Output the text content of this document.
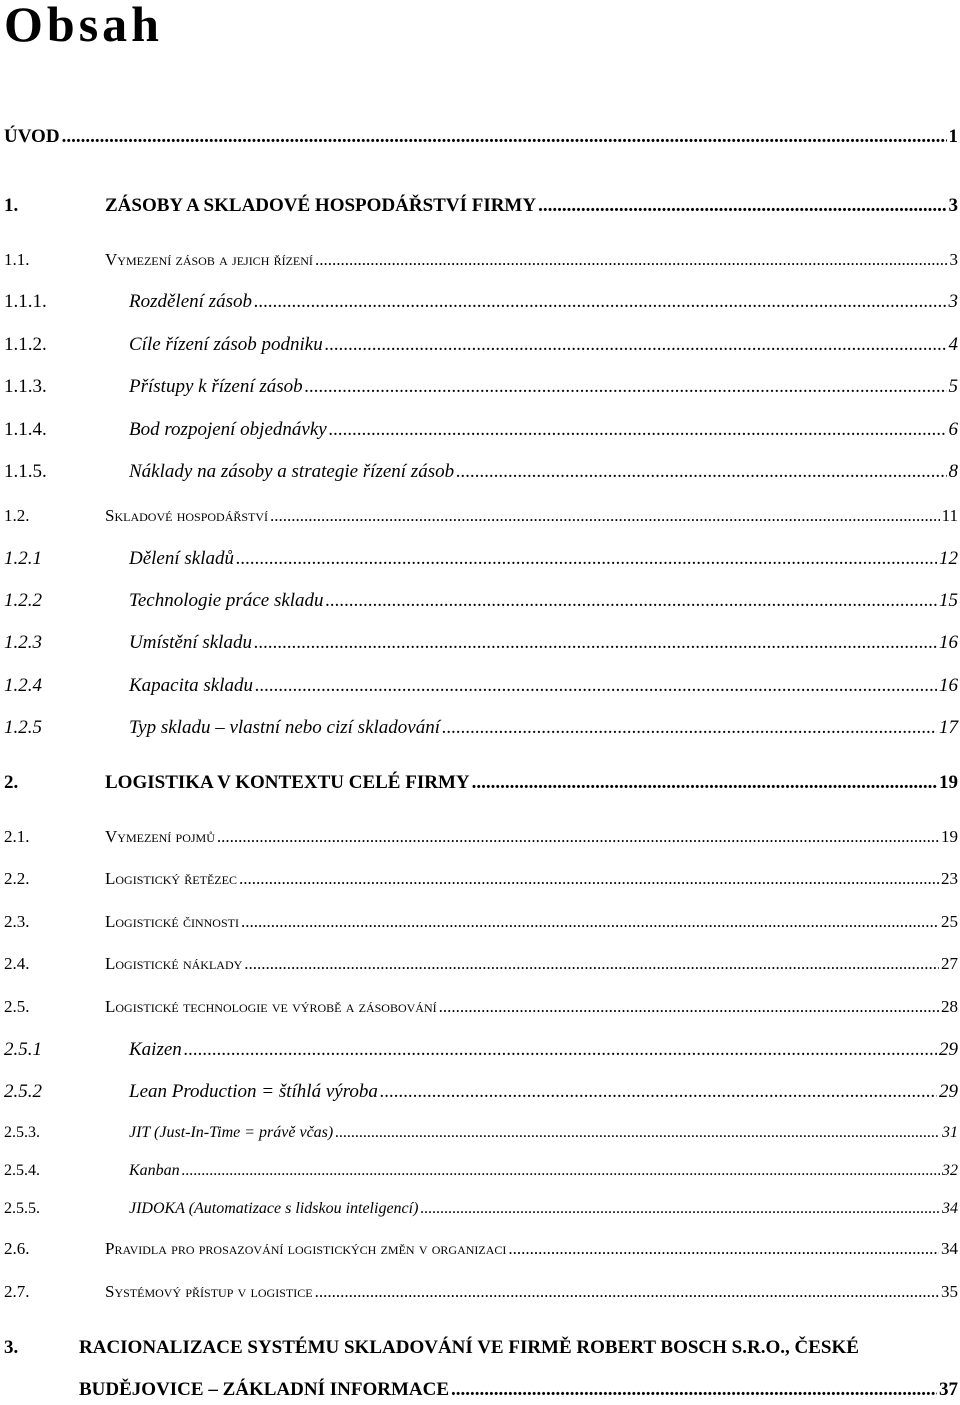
Obsah
ÚVOD .....	1
1.	ZÁSOBY A SKLADOVÉ HOSPODÁŘSTVÍ FIRMY .....	3
1.1.	Vymezení zásob a jejich řízení .....	3
1.1.1.	Rozdělení zásob .....	3
1.1.2.	Cíle řízení zásob podniku .....	4
1.1.3.	Přístupy k řízení zásob .....	5
1.1.4.	Bod rozpojení objednávky .....	6
1.1.5.	Náklady na zásoby a strategie řízení zásob .....	8
1.2.	Skladové hospodářství .....	11
1.2.1	Dělení skladů .....	12
1.2.2	Technologie práce skladu .....	15
1.2.3	Umístění skladu .....	16
1.2.4	Kapacita skladu .....	16
1.2.5	Typ skladu – vlastní nebo cizí skladování .....	17
2.	LOGISTIKA V KONTEXTU CELÉ FIRMY .....	19
2.1.	Vymezení pojmů .....	19
2.2.	Logistický řetězec .....	23
2.3.	Logistické činnosti .....	25
2.4.	Logistické náklady .....	27
2.5.	Logistické technologie ve výrobě a zásobování .....	28
2.5.1	Kaizen .....	29
2.5.2	Lean Production = štíhlá výroba .....	29
2.5.3.	JIT (Just-In-Time = právě včas) .....	31
2.5.4.	Kanban .....	32
2.5.5.	JIDOKA (Automatizace s lidskou inteligencí) .....	34
2.6.	Pravidla pro prosazování logistických změn v organizaci .....	34
2.7.	Systémový přístup v logistice .....	35
3.	RACIONALIZACE SYSTÉMU SKLADOVÁNÍ VE FIRMĚ ROBERT BOSCH S.R.O., ČESKÉ
BUDĚJOVICE – ZÁKLADNÍ INFORMACE .....	37
